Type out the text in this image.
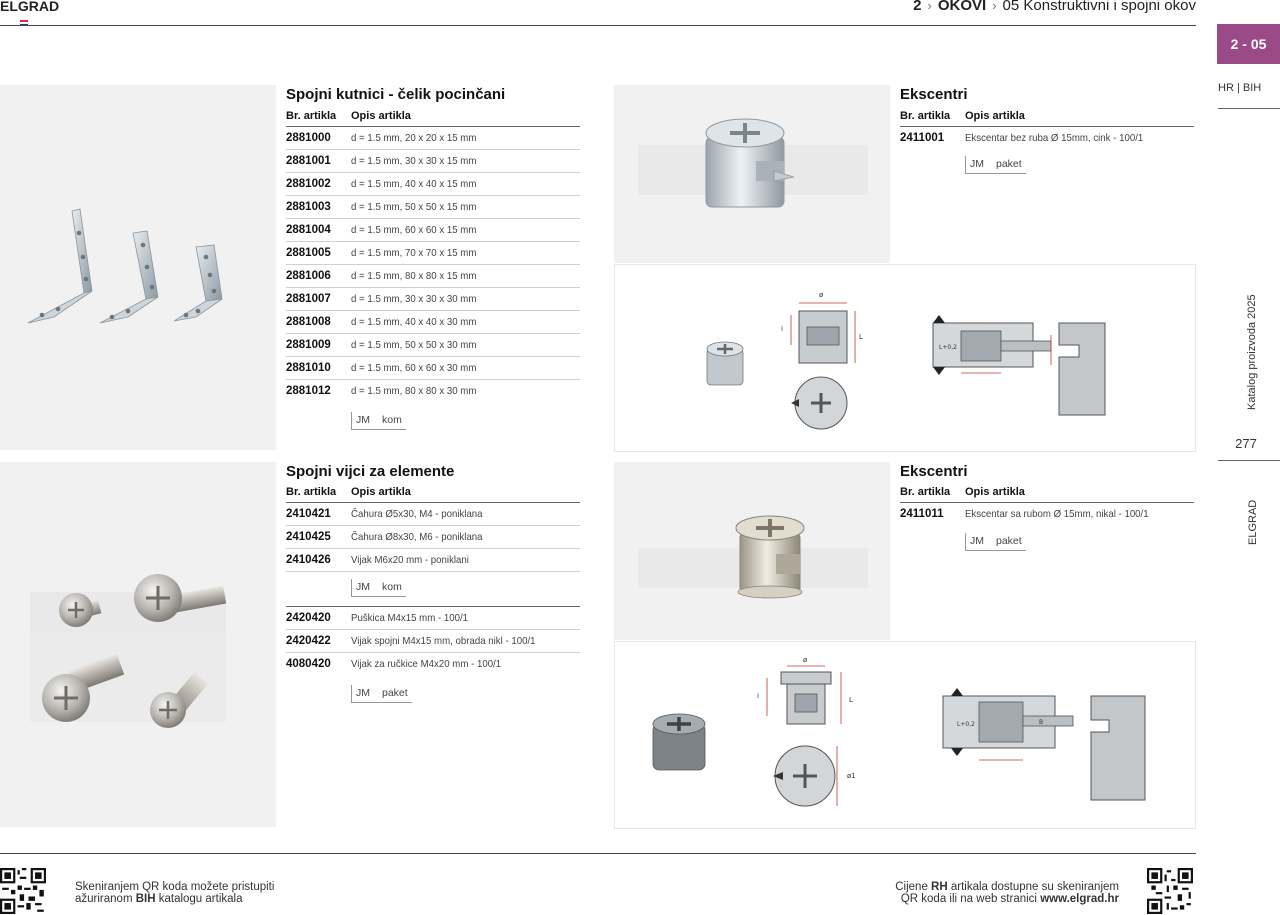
ELGRAD	2 › OKOVI › 05 Konstruktivni i spojni okov
2 - 05
HR | BIH
Katalog proizvoda 2025
277
ELGRAD
Spojni kutnici - čelik pocinčani
Br. artikla	Opis artikla
2881000	d = 1.5 mm, 20 x 20 x 15 mm
2881001	d = 1.5 mm, 30 x 30 x 15 mm
2881002	d = 1.5 mm, 40 x 40 x 15 mm
2881003	d = 1.5 mm, 50 x 50 x 15 mm
2881004	d = 1.5 mm, 60 x 60 x 15 mm
2881005	d = 1.5 mm, 70 x 70 x 15 mm
2881006	d = 1.5 mm, 80 x 80 x 15 mm
2881007	d = 1.5 mm, 30 x 30 x 30 mm
2881008	d = 1.5 mm, 40 x 40 x 30 mm
2881009	d = 1.5 mm, 50 x 50 x 30 mm
2881010	d = 1.5 mm, 60 x 60 x 30 mm
2881012	d = 1.5 mm, 80 x 80 x 30 mm
JM kom
Spojni vijci za elemente
Br. artikla	Opis artikla
2410421	Čahura Ø5x30, M4 - poniklana
2410425	Čahura Ø8x30, M6 - poniklana
2410426	Vijak M6x20 mm - poniklani
JM kom
2420420	Puškica M4x15 mm - 100/1
2420422	Vijak spojni M4x15 mm, obrada nikl - 100/1
4080420	Vijak za ručkice M4x20 mm - 100/1
JM paket
Ekscentri
Br. artikla	Opis artikla
2411001	Ekscentar bez ruba Ø 15mm, cink - 100/1
JM paket
ø
L
i
L+0,2
Ekscentri
Br. artikla	Opis artikla
2411011	Ekscentar sa rubom Ø 15mm, nikal - 100/1
JM paket
ø
L
i
ø1
L+0,2	B
Skeniranjem QR koda možete pristupiti
ažuriranom BIH katalogu artikala
Cijene RH artikala dostupne su skeniranjem
QR koda ili na web stranici www.elgrad.hr
